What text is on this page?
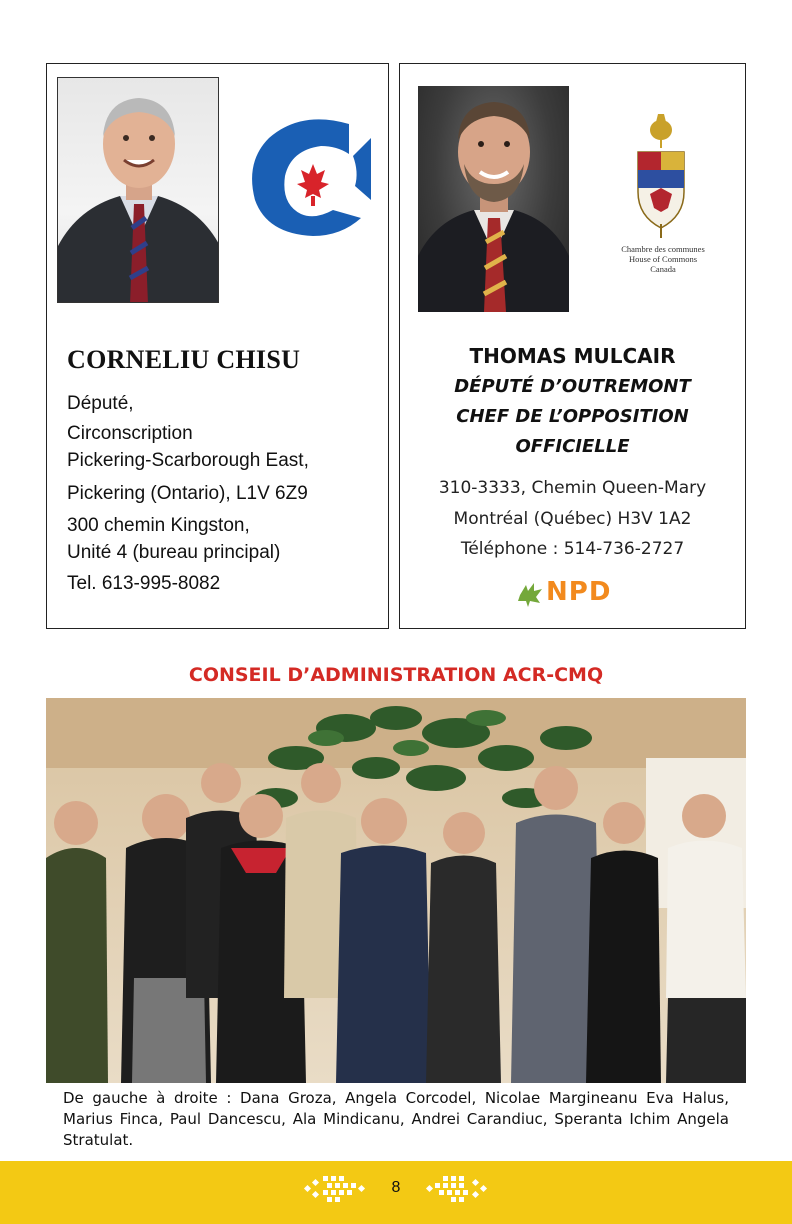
CORNELIU CHISU
Député,
Circonscription
Pickering-Scarborough East,
Pickering (Ontario), L1V 6Z9
300 chemin Kingston,
Unité 4 (bureau principal)
Tel. 613-995-8082
Chambre des communes
House of Commons
Canada
THOMAS MULCAIR
DÉPUTÉ D’OUTREMONT
CHEF DE L’OPPOSITION
OFFICIELLE
310-3333, Chemin Queen-Mary
Montréal (Québec) H3V 1A2
Téléphone : 514-736-2727
NPD
CONSEIL D’ADMINISTRATION ACR-CMQ
De gauche à droite : Dana Groza, Angela Corcodel, Nicolae Margineanu Eva Halus, Marius Finca, Paul Dancescu, Ala Mindicanu, Andrei Carandiuc, Speranta Ichim Angela Stratulat.
8
